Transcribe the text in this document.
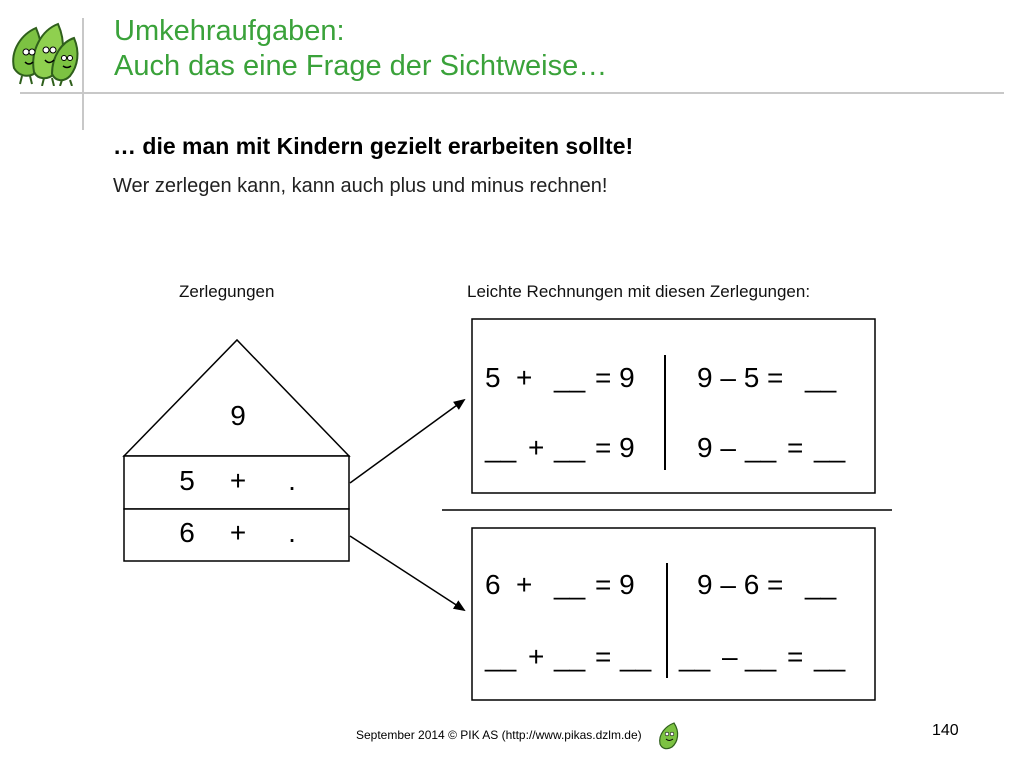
Umkehraufgaben:
Auch das eine Frage der Sichtweise…
… die man mit Kindern gezielt erarbeiten sollte!
Wer zerlegen kann, kann auch plus und minus rechnen!
Zerlegungen	Leichte Rechnungen mit diesen Zerlegungen:
9
5 + .
6 + .
5 + __ = 9 9 – 5 = __
__ + __ = 9 9 – __ = __
6 + __ = 9 9 – 6 = __
__ + __ = __ __ – __ = __
September 2014 © PIK AS (http://www.pikas.dzlm.de)	140
